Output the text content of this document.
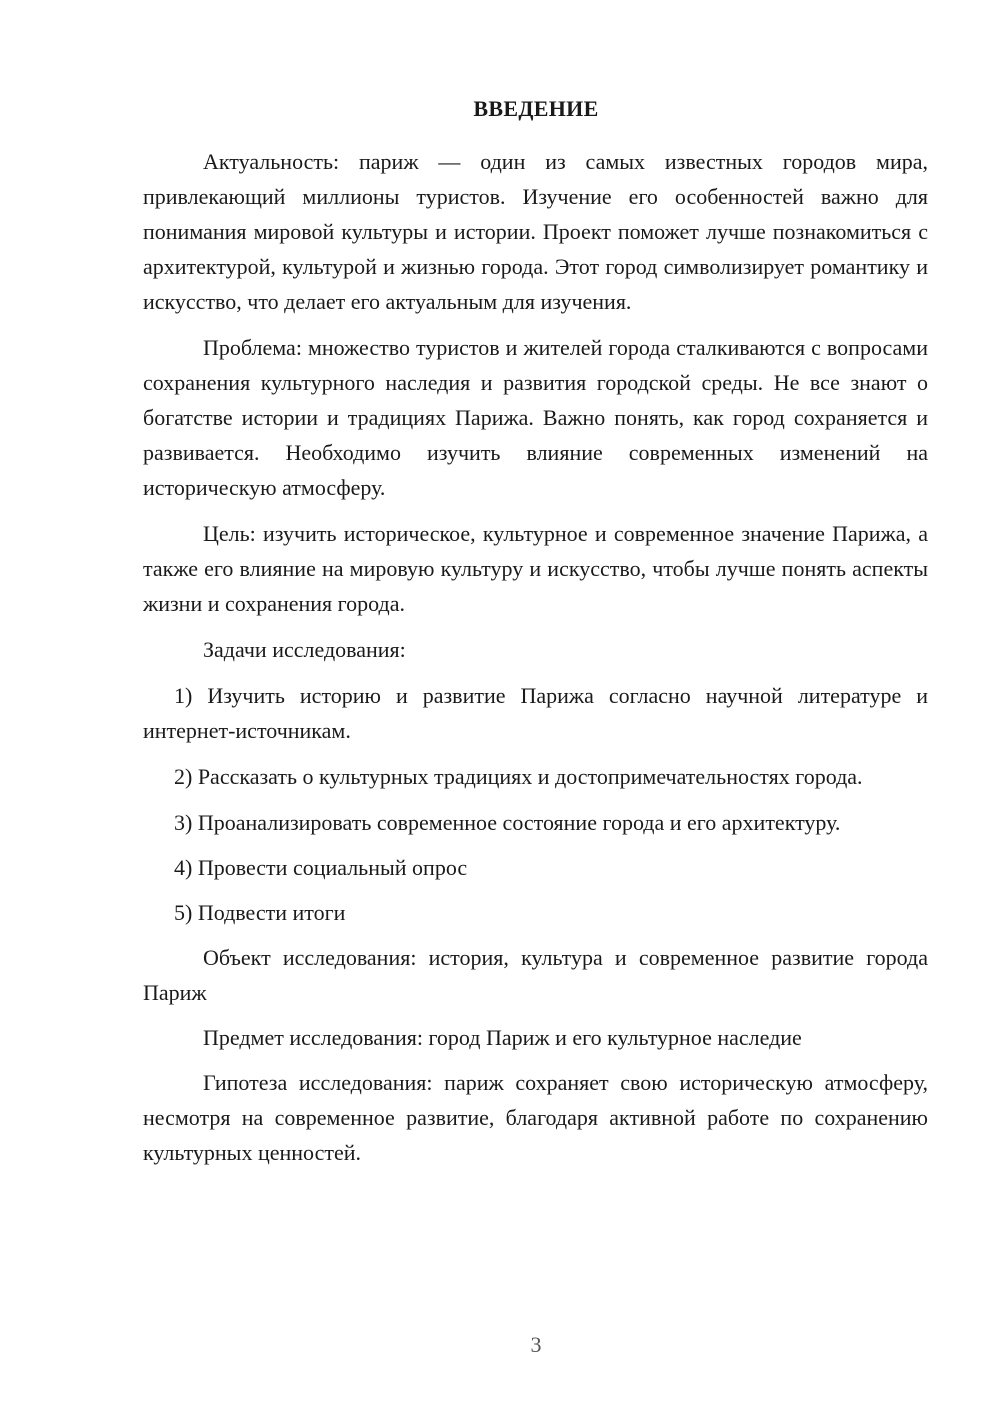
ВВЕДЕНИЕ

Актуальность: париж — один из самых известных городов мира, привлекающий миллионы туристов. Изучение его особенностей важно для понимания мировой культуры и истории. Проект поможет лучше познакомиться с архитектурой, культурой и жизнью города. Этот город символизирует романтику и искусство, что делает его актуальным для изучения.

Проблема: множество туристов и жителей города сталкиваются с вопросами сохранения культурного наследия и развития городской среды. Не все знают о богатстве истории и традициях Парижа. Важно понять, как город сохраняется и развивается. Необходимо изучить влияние современных изменений на историческую атмосферу.

Цель: изучить историческое, культурное и современное значение Парижа, а также его влияние на мировую культуру и искусство, чтобы лучше понять аспекты жизни и сохранения города.

Задачи исследования:

1) Изучить историю и развитие Парижа согласно научной литературе и интернет-источникам.

2) Рассказать о культурных традициях и достопримечательностях города.

3) Проанализировать современное состояние города и его архитектуру.

4) Провести социальный опрос

5) Подвести итоги

Объект исследования: история, культура и современное развитие города Париж

Предмет исследования: город Париж и его культурное наследие

Гипотеза исследования: париж сохраняет свою историческую атмосферу, несмотря на современное развитие, благодаря активной работе по сохранению культурных ценностей.

3
